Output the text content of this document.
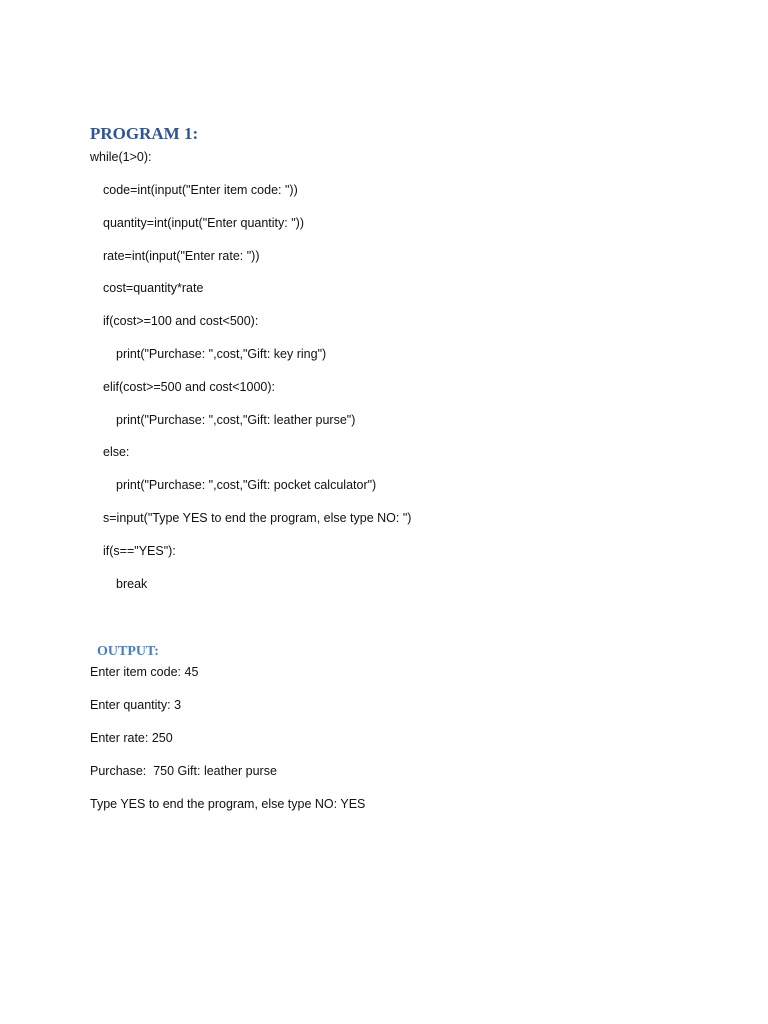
PROGRAM 1:
while(1>0):
code=int(input("Enter item code: "))
quantity=int(input("Enter quantity: "))
rate=int(input("Enter rate: "))
cost=quantity*rate
if(cost>=100 and cost<500):
print("Purchase: ",cost,"Gift: key ring")
elif(cost>=500 and cost<1000):
print("Purchase: ",cost,"Gift: leather purse")
else:
print("Purchase: ",cost,"Gift: pocket calculator")
s=input("Type YES to end the program, else type NO: ")
if(s=="YES"):
break
OUTPUT:
Enter item code: 45
Enter quantity: 3
Enter rate: 250
Purchase:  750 Gift: leather purse
Type YES to end the program, else type NO: YES
